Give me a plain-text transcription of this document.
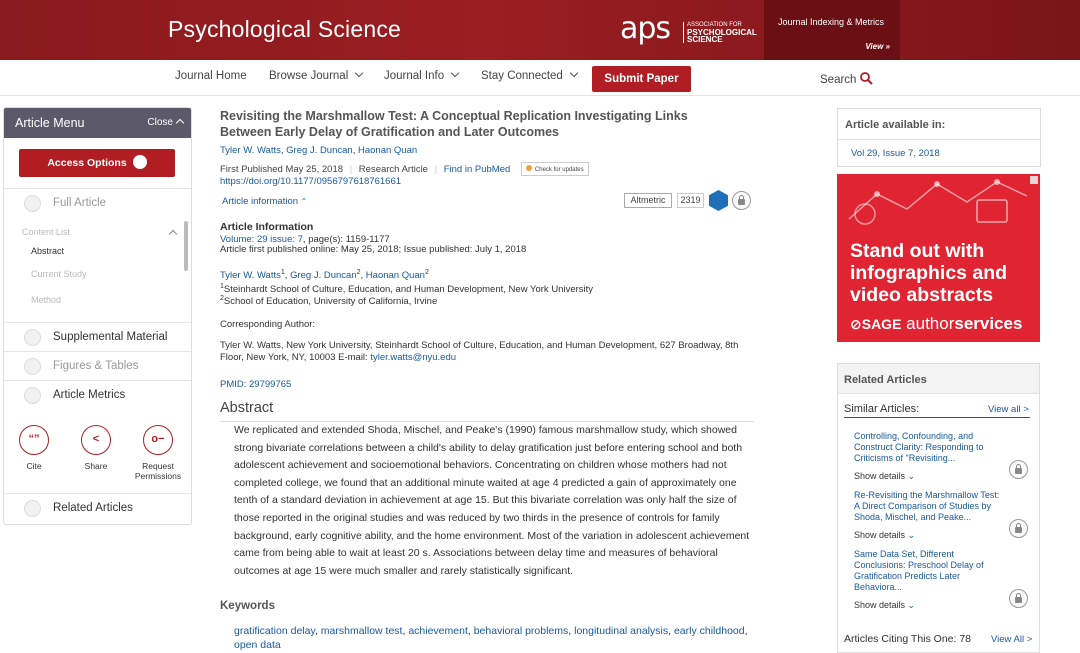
Psychological Science	aps	ASSOCIATION FOR
PSYCHOLOGICAL SCIENCE
Journal Indexing & Metrics
View »
Journal Home Browse Journal	Journal Info	Stay Connected	Submit Paper	Search
Article Menu	Close
Access Options
Full Article
Content List
Abstract
Current Study
Method
Supplemental Material
Figures & Tables
Article Metrics
“”
Cite
<
Share
o−
Request
Permissions
Related Articles
Revisiting the Marshmallow Test: A Conceptual Replication Investigating Links Between Early Delay of Gratification and Later Outcomes
Tyler W. Watts, Greg J. Duncan, Haonan Quan
First Published May 25, 2018 | Research Article | Find in PubMed	Check for updates
https://doi.org/10.1177/0956797618761661
Article information ⌃	Altmetric	2319
Article Information
Volume: 29 issue: 7, page(s): 1159-1177
Article first published online: May 25, 2018; Issue published: July 1, 2018
Tyler W. Watts$^1$, Greg J. Duncan$^2$, Haonan Quan$^2$
$^1$Steinhardt School of Culture, Education, and Human Development, New York University
$^2$School of Education, University of California, Irvine
Corresponding Author:
Tyler W. Watts, New York University, Steinhardt School of Culture, Education, and Human Development, 627 Broadway, 8th Floor, New York, NY, 10003 E-mail: tyler.watts@nyu.edu
PMID: 29799765
Abstract
We replicated and extended Shoda, Mischel, and Peake's (1990) famous marshmallow study, which showed strong bivariate correlations between a child's ability to delay gratification just before entering school and both adolescent achievement and socioemotional behaviors. Concentrating on children whose mothers had not completed college, we found that an additional minute waited at age 4 predicted a gain of approximately one tenth of a standard deviation in achievement at age 15. But this bivariate correlation was only half the size of those reported in the original studies and was reduced by two thirds in the presence of controls for family background, early cognitive ability, and the home environment. Most of the variation in adolescent achievement came from being able to wait at least 20 s. Associations between delay time and measures of behavioral outcomes at age 15 were much smaller and rarely statistically significant.
Keywords
gratification delay, marshmallow test, achievement, behavioral problems, longitudinal analysis, early childhood, open data
Article available in:
Vol 29, Issue 7, 2018
Stand out with
infographics and
video abstracts
⊘SAGE authorservices
Related Articles
Similar Articles:	View all >
Controlling, Confounding, and Construct Clarity: Responding to Criticisms of "Revisiting...
Show details ⌄
Re-Revisiting the Marshmallow Test: A Direct Comparison of Studies by Shoda, Mischel, and Peake...
Show details ⌄
Same Data Set, Different Conclusions: Preschool Delay of Gratification Predicts Later Behaviora...
Show details ⌄
Articles Citing This One: 78 View All >
